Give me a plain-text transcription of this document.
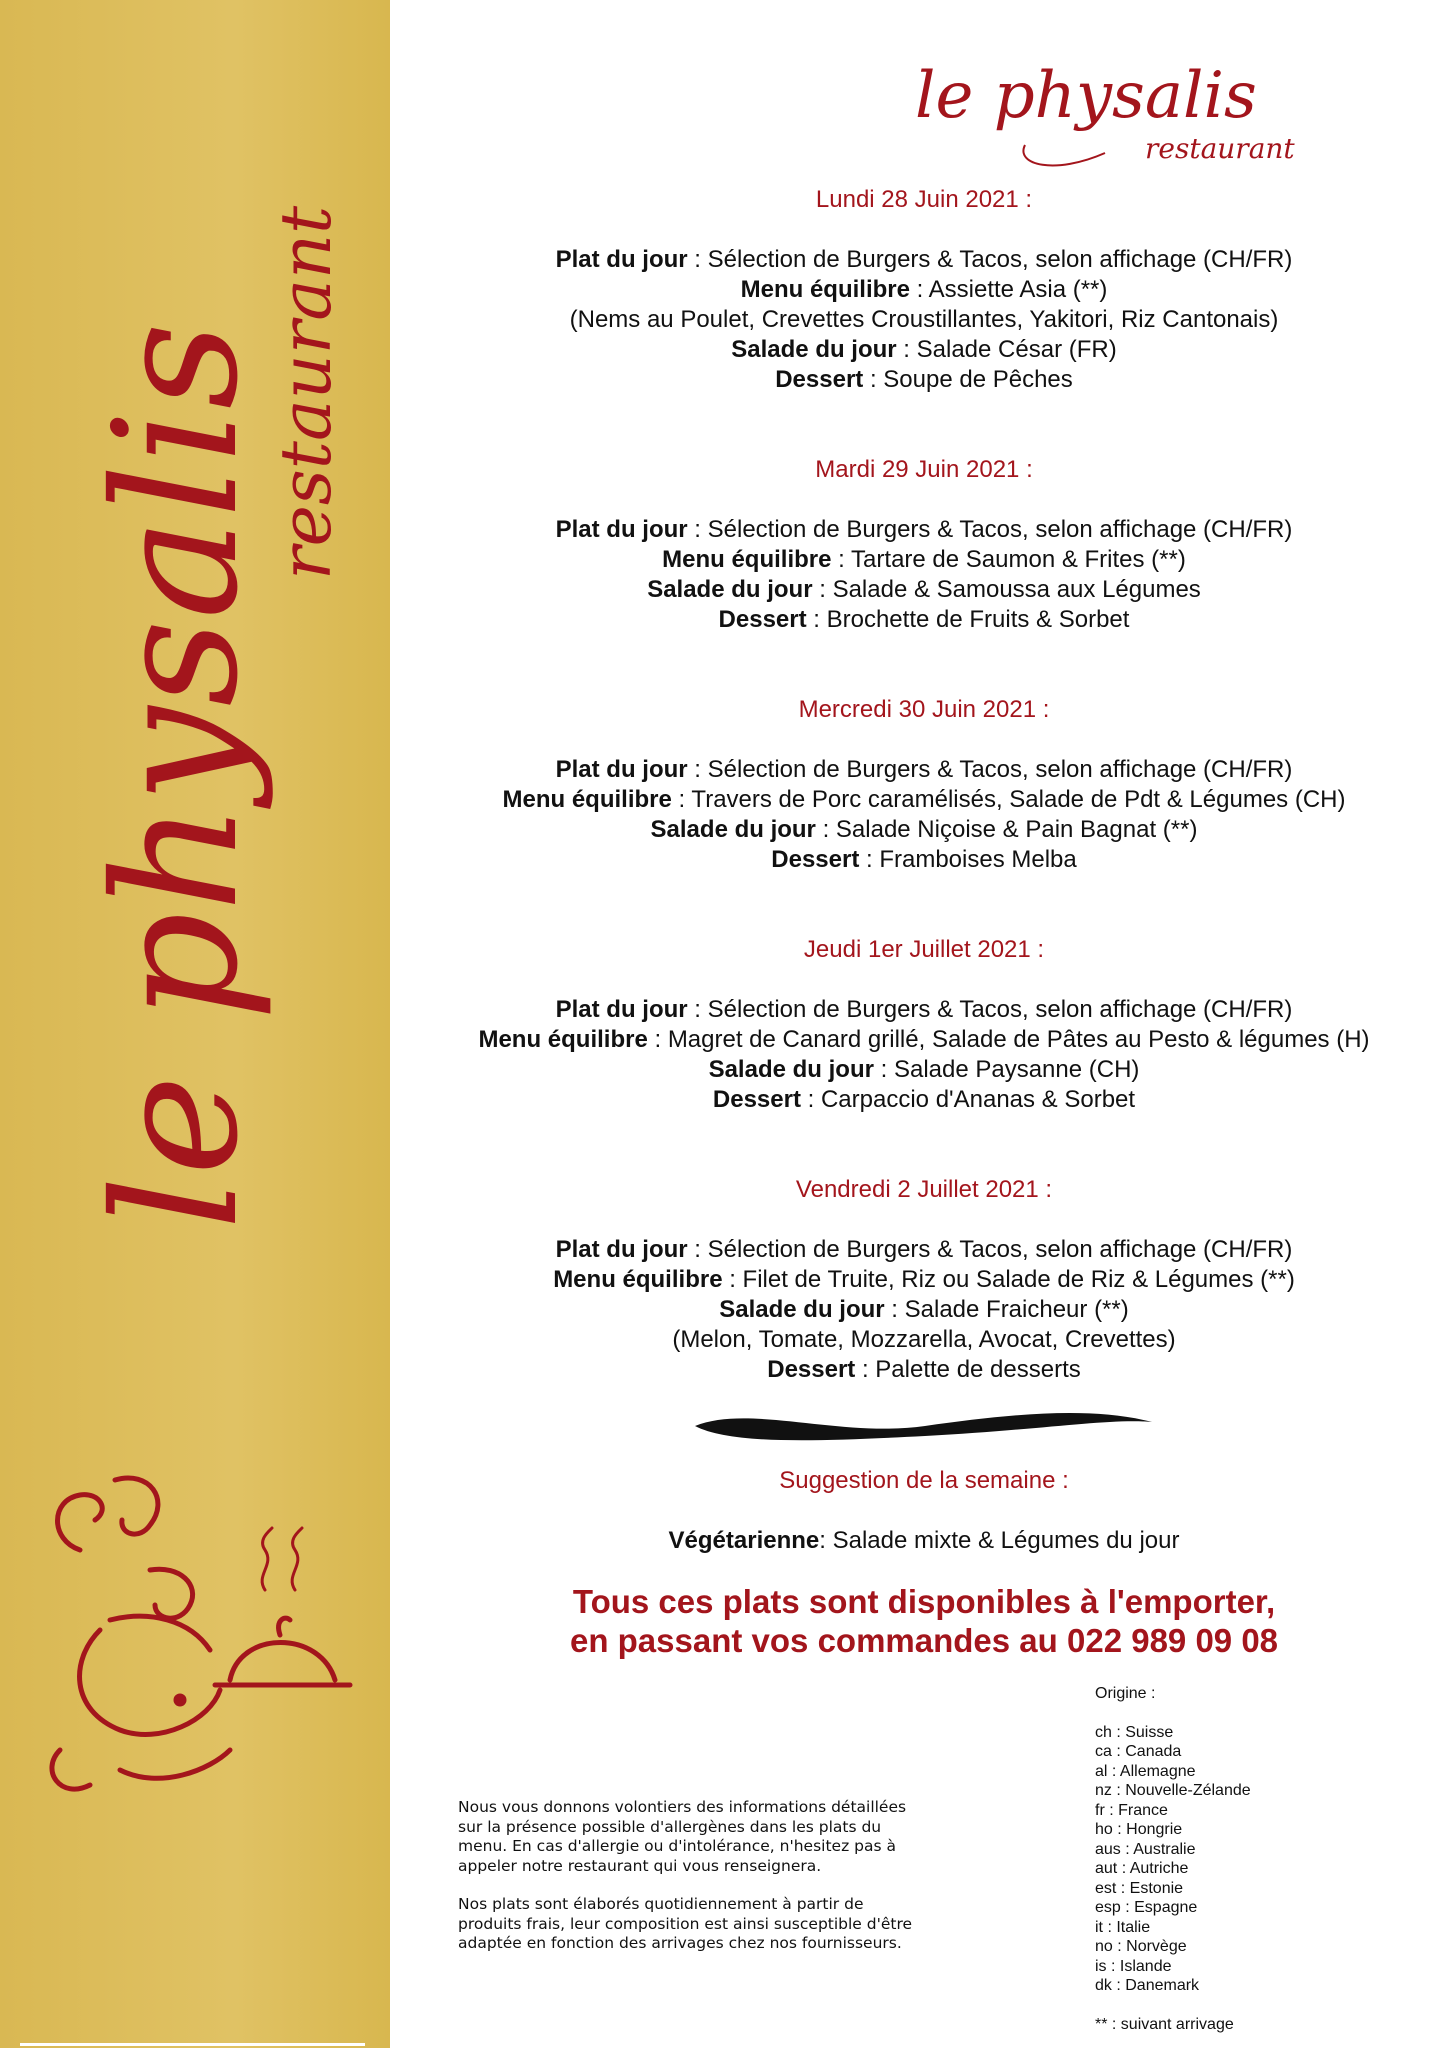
le physalis
restaurant
le physalis
restaurant

Lundi 28 Juin 2021 :

Plat du jour : Sélection de Burgers & Tacos, selon affichage (CH/FR)

Menu équilibre : Assiette Asia (**)

(Nems au Poulet, Crevettes Croustillantes, Yakitori, Riz Cantonais)

Salade du jour : Salade César (FR)

Dessert : Soupe de Pêches

Mardi 29 Juin 2021 :

Plat du jour : Sélection de Burgers & Tacos, selon affichage (CH/FR)

Menu équilibre : Tartare de Saumon & Frites (**)

Salade du jour : Salade & Samoussa aux Légumes

Dessert : Brochette de Fruits & Sorbet

Mercredi 30 Juin 2021 :

Plat du jour : Sélection de Burgers & Tacos, selon affichage (CH/FR)

Menu équilibre : Travers de Porc caramélisés, Salade de Pdt & Légumes (CH)

Salade du jour : Salade Niçoise & Pain Bagnat (**)

Dessert : Framboises Melba

Jeudi 1er Juillet 2021 :

Plat du jour : Sélection de Burgers & Tacos, selon affichage (CH/FR)

Menu équilibre : Magret de Canard grillé, Salade de Pâtes au Pesto & légumes (H)

Salade du jour : Salade Paysanne (CH)

Dessert : Carpaccio d'Ananas & Sorbet

Vendredi 2 Juillet 2021 :

Plat du jour : Sélection de Burgers & Tacos, selon affichage (CH/FR)

Menu équilibre : Filet de Truite, Riz ou Salade de Riz & Légumes (**)

Salade du jour : Salade Fraicheur (**)

(Melon, Tomate, Mozzarella, Avocat, Crevettes)

Dessert : Palette de desserts

Suggestion de la semaine :

Végétarienne: Salade mixte & Légumes du jour

Tous ces plats sont disponibles à l'emporter,
en passant vos commandes au 022 989 09 08
Origine :
ch : Suisse
ca : Canada
al : Allemagne
nz : Nouvelle-Zélande
fr : France
ho : Hongrie
aus : Australie
aut : Autriche
est : Estonie
esp : Espagne
it : Italie
no : Norvège
is : Islande
dk : Danemark
** : suivant arrivage

Nous vous donnons volontiers des informations détaillées
sur la présence possible d'allergènes dans les plats du
menu. En cas d'allergie ou d'intolérance, n'hesitez pas à
appeler notre restaurant qui vous renseignera.

Nos plats sont élaborés quotidiennement à partir de
produits frais, leur composition est ainsi susceptible d'être
adaptée en fonction des arrivages chez nos fournisseurs.
